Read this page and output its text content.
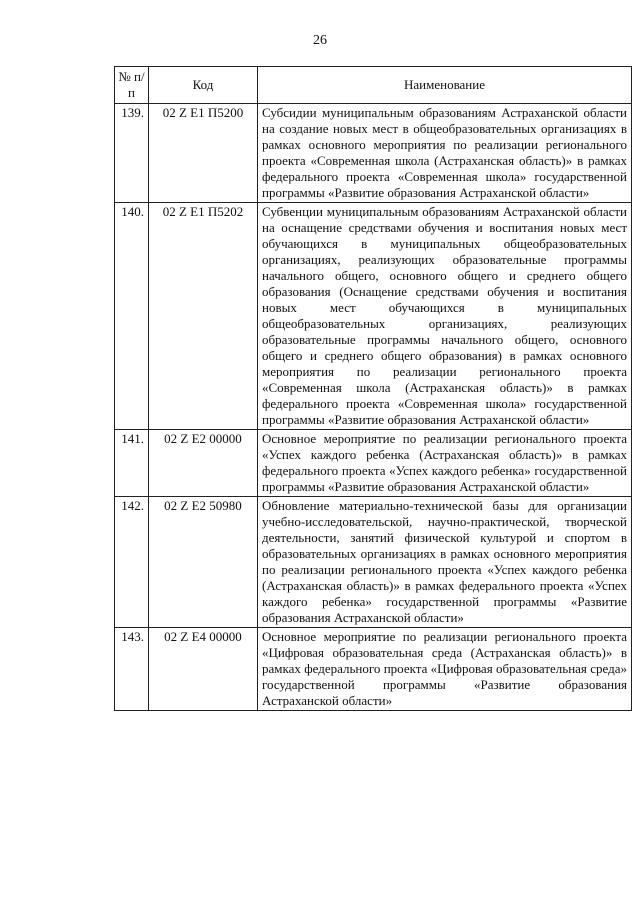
26
№ п/п	Код	Наименование
139.	02 Z E1 П5200	Субсидии муниципальным образованиям Астраханской области на создание новых мест в общеобразовательных организациях в рамках основного мероприятия по реализации регионального проекта «Современная школа (Астраханская область)» в рамках федерального проекта «Современная школа» государственной программы «Развитие образования Астраханской области»
140.	02 Z E1 П5202	Субвенции муниципальным образованиям Астраханской области на оснащение средствами обучения и воспитания новых мест обучающихся в муниципальных общеобразовательных организациях, реализующих образовательные программы начального общего, основного общего и среднего общего образования (Оснащение средствами обучения и воспитания новых мест обучающихся в муниципальных общеобразовательных организациях, реализующих образовательные программы начального общего, основного общего и среднего общего образования) в рамках основного мероприятия по реализации регионального проекта «Современная школа (Астраханская область)» в рамках федерального проекта «Современная школа» государственной программы «Развитие образования Астраханской области»
141.	02 Z E2 00000	Основное мероприятие по реализации регионального проекта «Успех каждого ребенка (Астраханская область)» в рамках федерального проекта «Успех каждого ребенка» государственной программы «Развитие образования Астраханской области»
142.	02 Z E2 50980	Обновление материально-технической базы для организации учебно-исследовательской, научно-практической, творческой деятельности, занятий физической культурой и спортом в образовательных организациях в рамках основного мероприятия по реализации регионального проекта «Успех каждого ребенка (Астраханская область)» в рамках федерального проекта «Успех каждого ребенка» государственной программы «Развитие образования Астраханской области»
143.	02 Z E4 00000	Основное мероприятие по реализации регионального проекта «Цифровая образовательная среда (Астраханская область)» в рамках федерального проекта «Цифровая образовательная среда» государственной программы «Развитие образования Астраханской области»
